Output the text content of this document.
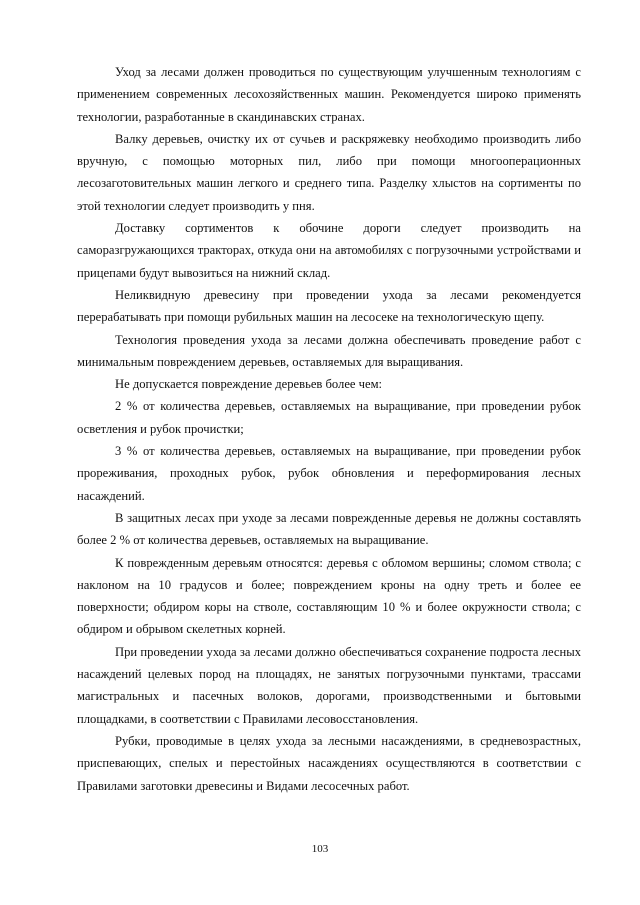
Уход за лесами должен проводиться по существующим улучшенным технологиям с применением современных лесохозяйственных машин. Рекомендуется широко применять технологии, разработанные в скандинавских странах.

Валку деревьев, очистку их от сучьев и раскряжевку необходимо производить либо вручную, с помощью моторных пил, либо при помощи многооперационных лесозаготовительных машин легкого и среднего типа. Разделку хлыстов на сортименты по этой технологии следует производить у пня.

Доставку сортиментов к обочине дороги следует производить на саморазгружающихся тракторах, откуда они на автомобилях с погрузочными устройствами и прицепами будут вывозиться на нижний склад.

Неликвидную древесину при проведении ухода за лесами рекомендуется перерабатывать при помощи рубильных машин на лесосеке на технологическую щепу.

Технология проведения ухода за лесами должна обеспечивать проведение работ с минимальным повреждением деревьев, оставляемых для выращивания.

Не допускается повреждение деревьев более чем:

2 % от количества деревьев, оставляемых на выращивание, при проведении рубок осветления и рубок прочистки;

3 % от количества деревьев, оставляемых на выращивание, при проведении рубок прореживания, проходных рубок, рубок обновления и переформирования лесных насаждений.

В защитных лесах при уходе за лесами поврежденные деревья не должны составлять более 2 % от количества деревьев, оставляемых на выращивание.

К поврежденным деревьям относятся: деревья с обломом вершины; сломом ствола; с наклоном на 10 градусов и более; повреждением кроны на одну треть и более ее поверхности; обдиром коры на стволе, составляющим 10 % и более окружности ствола; с обдиром и обрывом скелетных корней.

При проведении ухода за лесами должно обеспечиваться сохранение подроста лесных насаждений целевых пород на площадях, не занятых погрузочными пунктами, трассами магистральных и пасечных волоков, дорогами, производственными и бытовыми площадками, в соответствии с Правилами лесовосстановления.

Рубки, проводимые в целях ухода за лесными насаждениями, в средневозрастных, приспевающих, спелых и перестойных насаждениях осуществляются в соответствии с Правилами заготовки древесины и Видами лесосечных работ.

103
